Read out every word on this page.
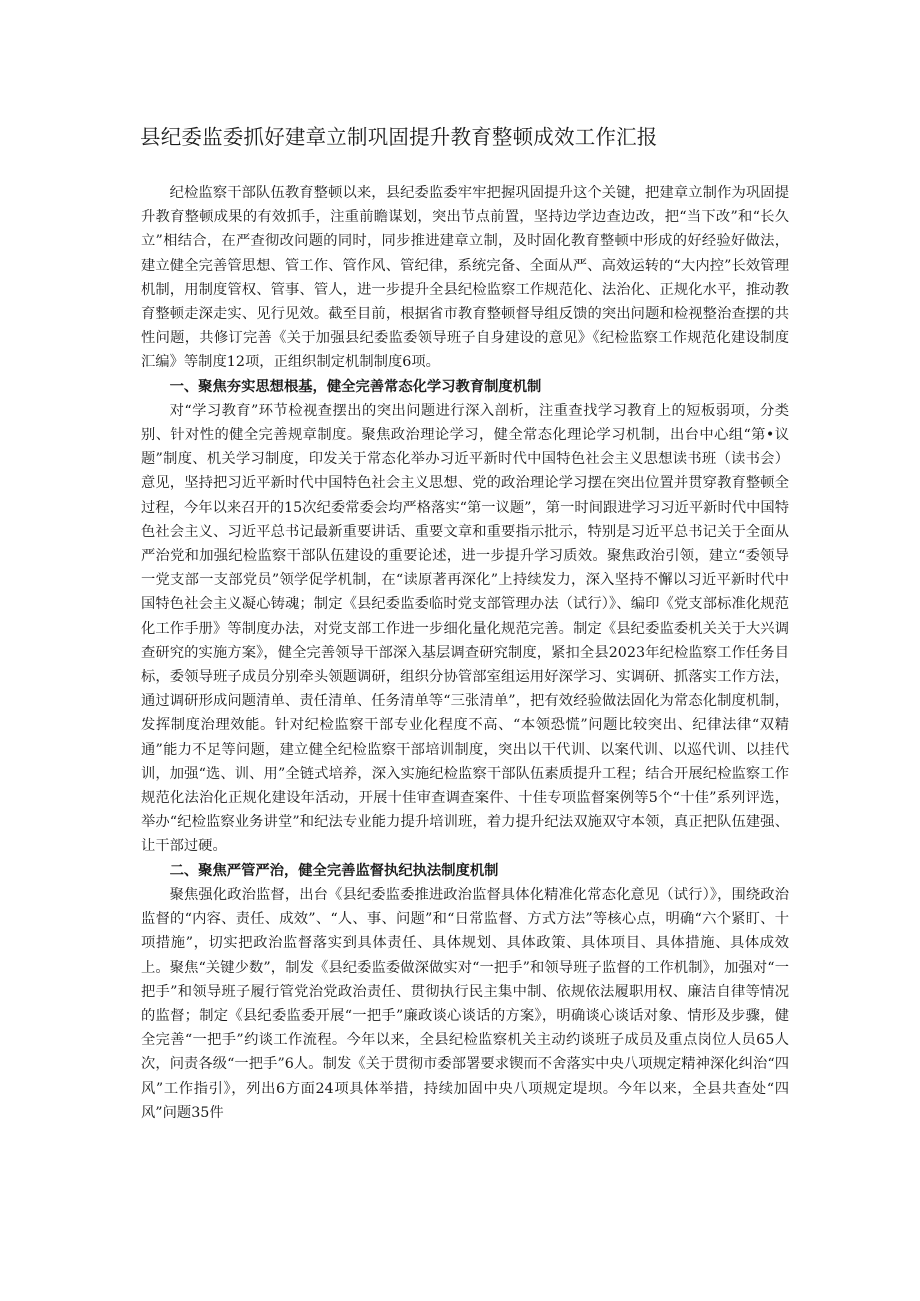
县纪委监委抓好建章立制巩固提升教育整顿成效工作汇报

纪检监察干部队伍教育整顿以来，县纪委监委牢牢把握巩固提升这个关键，把建章立制作为巩固提升教育整顿成果的有效抓手，注重前瞻谋划，突出节点前置，坚持边学边查边改，把“当下改”和“长久立”相结合，在严查彻改问题的同时，同步推进建章立制，及时固化教育整顿中形成的好经验好做法，建立健全完善管思想、管工作、管作风、管纪律，系统完备、全面从严、高效运转的“大内控”长效管理机制，用制度管权、管事、管人，进一步提升全县纪检监察工作规范化、法治化、正规化水平，推动教育整顿走深走实、见行见效。截至目前，根据省市教育整顿督导组反馈的突出问题和检视整治查摆的共性问题，共修订完善《关于加强县纪委监委领导班子自身建设的意见》《纪检监察工作规范化建设制度汇编》等制度12项，正组织制定机制制度6项。

一、聚焦夯实思想根基，健全完善常态化学习教育制度机制

对“学习教育”环节检视查摆出的突出问题进行深入剖析，注重查找学习教育上的短板弱项，分类别、针对性的健全完善规章制度。聚焦政治理论学习，健全常态化理论学习机制，出台中心组“第•议题”制度、机关学习制度，印发关于常态化举办习近平新时代中国特色社会主义思想读书班（读书会）意见，坚持把习近平新时代中国特色社会主义思想、党的政治理论学习摆在突出位置并贯穿教育整顿全过程，今年以来召开的15次纪委常委会均严格落实“第一议题”，第一时间跟进学习习近平新时代中国特色社会主义、习近平总书记最新重要讲话、重要文章和重要指示批示，特别是习近平总书记关于全面从严治党和加强纪检监察干部队伍建设的重要论述，进一步提升学习质效。聚焦政治引领，建立“委领导一党支部一支部党员”领学促学机制，在“读原著再深化”上持续发力，深入坚持不懈以习近平新时代中国特色社会主义凝心铸魂；制定《县纪委监委临时党支部管理办法（试行）》、编印《党支部标准化规范化工作手册》等制度办法，对党支部工作进一步细化量化规范完善。制定《县纪委监委机关关于大兴调查研究的实施方案》，健全完善领导干部深入基层调查研究制度，紧扣全县2023年纪检监察工作任务目标，委领导班子成员分别牵头领题调研，组织分协管部室组运用好深学习、实调研、抓落实工作方法，通过调研形成问题清单、责任清单、任务清单等“三张清单”，把有效经验做法固化为常态化制度机制，发挥制度治理效能。针对纪检监察干部专业化程度不高、“本领恐慌”问题比较突出、纪律法律“双精通”能力不足等问题，建立健全纪检监察干部培训制度，突出以干代训、以案代训、以巡代训、以挂代训，加强“选、训、用”全链式培养，深入实施纪检监察干部队伍素质提升工程；结合开展纪检监察工作规范化法治化正规化建设年活动，开展十佳审查调查案件、十佳专项监督案例等5个“十佳”系列评选，举办“纪检监察业务讲堂”和纪法专业能力提升培训班，着力提升纪法双施双守本领，真正把队伍建强、让干部过硬。

二、聚焦严管严治，健全完善监督执纪执法制度机制

聚焦强化政治监督，出台《县纪委监委推进政治监督具体化精准化常态化意见（试行）》，围绕政治监督的“内容、责任、成效”、“人、事、问题”和“日常监督、方式方法”等核心点，明确“六个紧盯、十项措施”，切实把政治监督落实到具体责任、具体规划、具体政策、具体项目、具体措施、具体成效上。聚焦“关键少数”，制发《县纪委监委做深做实对“一把手”和领导班子监督的工作机制》，加强对“一把手”和领导班子履行管党治党政治责任、贯彻执行民主集中制、依规依法履职用权、廉洁自律等情况的监督；制定《县纪委监委开展“一把手”廉政谈心谈话的方案》，明确谈心谈话对象、情形及步骤，健全完善“一把手”约谈工作流程。今年以来，全县纪检监察机关主动约谈班子成员及重点岗位人员65人次，问责各级“一把手”6人。制发《关于贯彻市委部署要求锲而不舍落实中央八项规定精神深化纠治“四风”工作指引》，列出6方面24项具体举措，持续加固中央八项规定堤坝。今年以来，全县共查处“四风”问题35件
